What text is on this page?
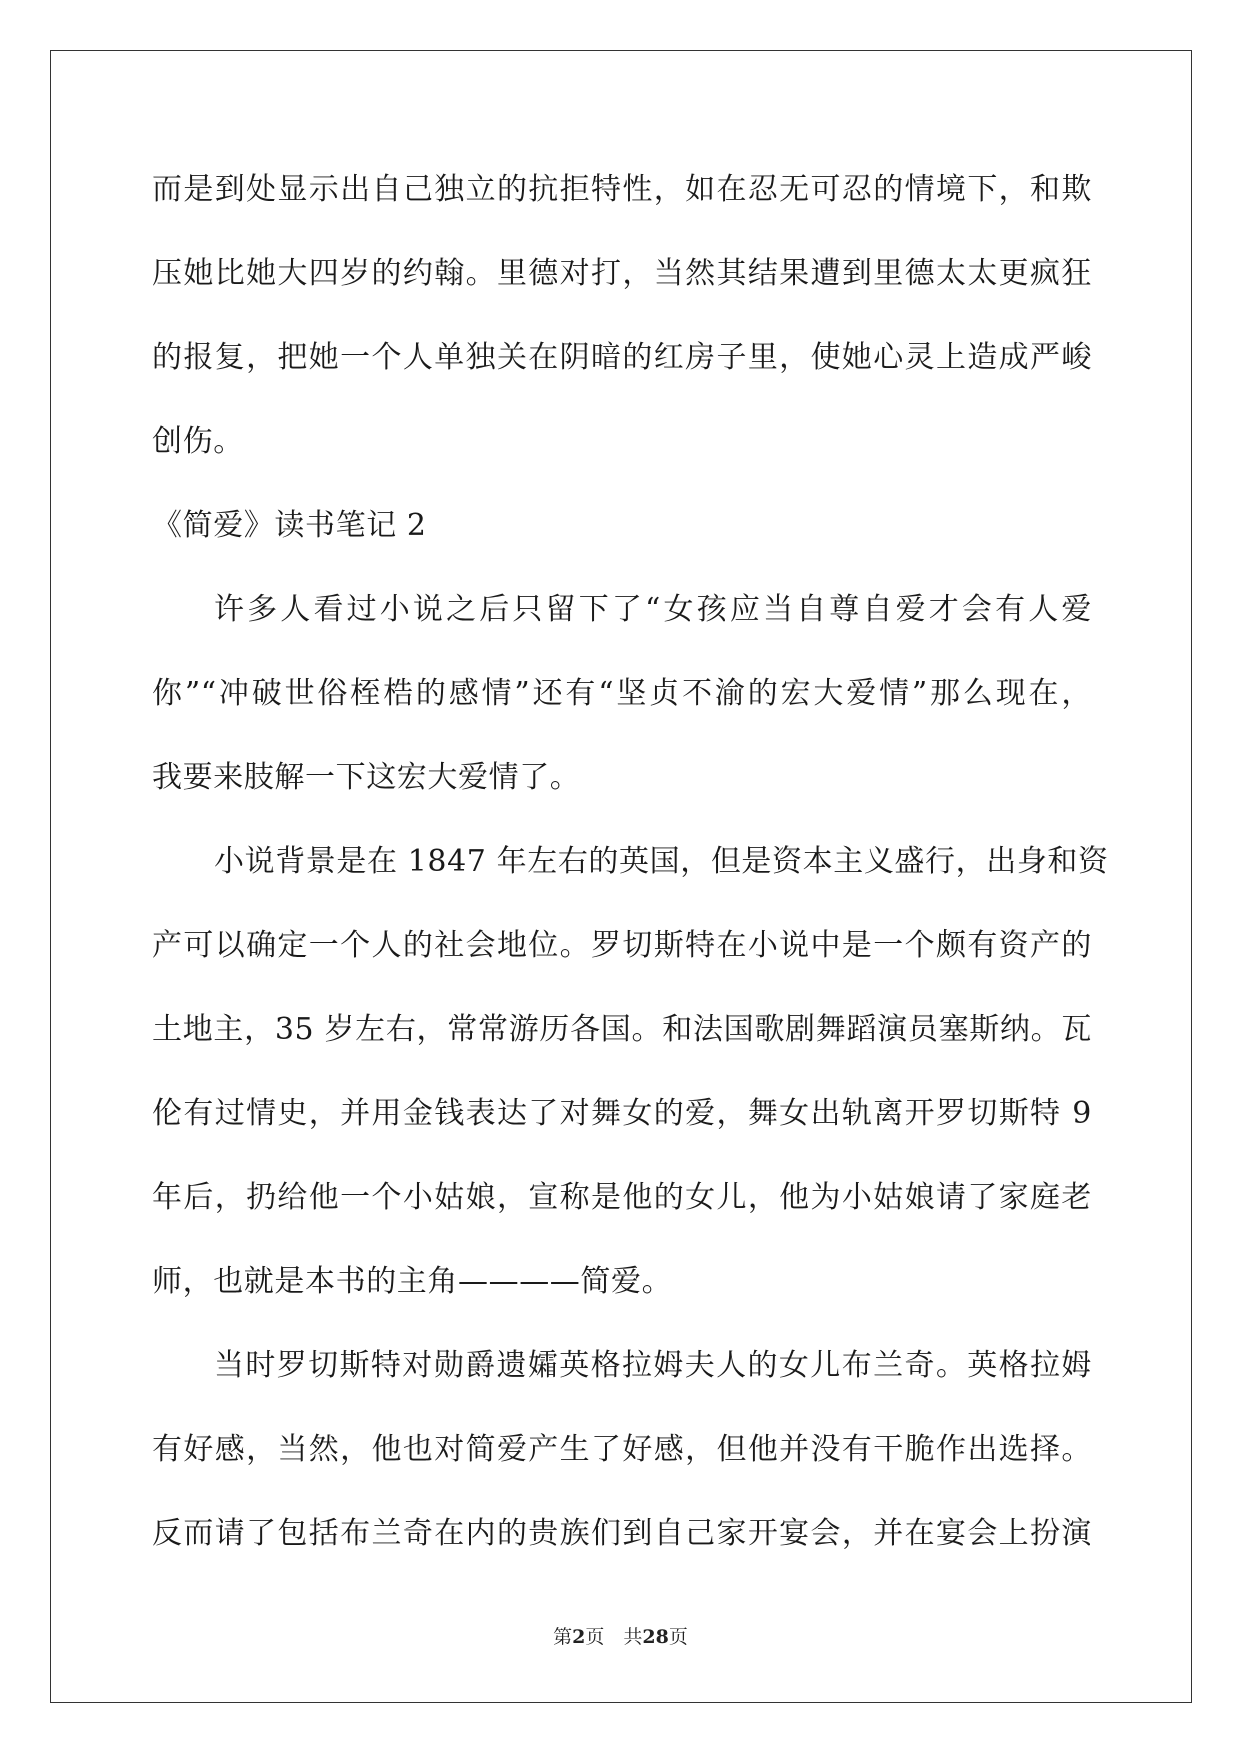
而是到处显示出自己独立的抗拒特性，如在忍无可忍的情境下，和欺
压她比她大四岁的约翰。里德对打，当然其结果遭到里德太太更疯狂
的报复，把她一个人单独关在阴暗的红房子里，使她心灵上造成严峻
创伤。
《简爱》读书笔记 2
许多人看过小说之后只留下了“女孩应当自尊自爱才会有人爱
你”“冲破世俗桎梏的感情”还有“坚贞不渝的宏大爱情”那么现在，
我要来肢解一下这宏大爱情了。
小说背景是在 1847 年左右的英国，但是资本主义盛行，出身和资
产可以确定一个人的社会地位。罗切斯特在小说中是一个颇有资产的
土地主，35 岁左右，常常游历各国。和法国歌剧舞蹈演员塞斯纳。瓦
伦有过情史，并用金钱表达了对舞女的爱，舞女出轨离开罗切斯特 9
年后，扔给他一个小姑娘，宣称是他的女儿，他为小姑娘请了家庭老
师，也就是本书的主角————简爱。
当时罗切斯特对勋爵遗孀英格拉姆夫人的女儿布兰奇。英格拉姆
有好感，当然，他也对简爱产生了好感，但他并没有干脆作出选择。
反而请了包括布兰奇在内的贵族们到自己家开宴会，并在宴会上扮演
第2页　 共28页
